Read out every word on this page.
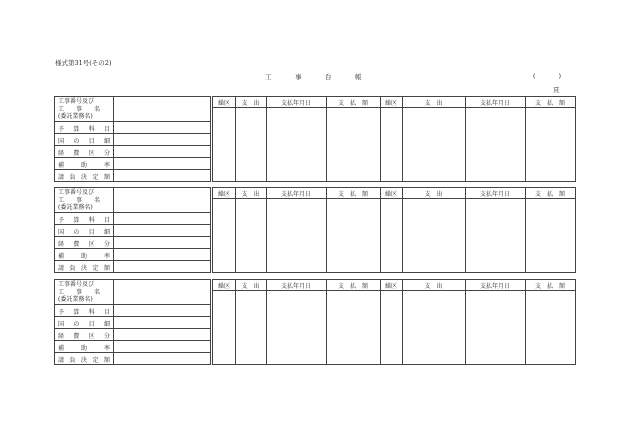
様式第31号(その2)
工	事	台	帳	(	)
頁
工事番号及び
工　　事　　名
(委託業務名)
予 算 科 目
国 の 目 細
経 費 区 分
補	助	率
請 負 決 定 額
繰区	支　出	支払年月日	支　払　額	繰区	支　出	支払年月日	支　払　額
工事番号及び
工　　事　　名
(委託業務名)
予 算 科 目
国 の 目 細
経 費 区 分
補	助	率
請 負 決 定 額
繰区	支　出	支払年月日	支　払　額	繰区	支　出	支払年月日	支　払　額
工事番号及び
工　　事　　名
(委託業務名)
予 算 科 目
国 の 目 細
経 費 区 分
補	助	率
請 負 決 定 額
繰区	支　出	支払年月日	支　払　額	繰区	支　出	支払年月日	支　払　額
